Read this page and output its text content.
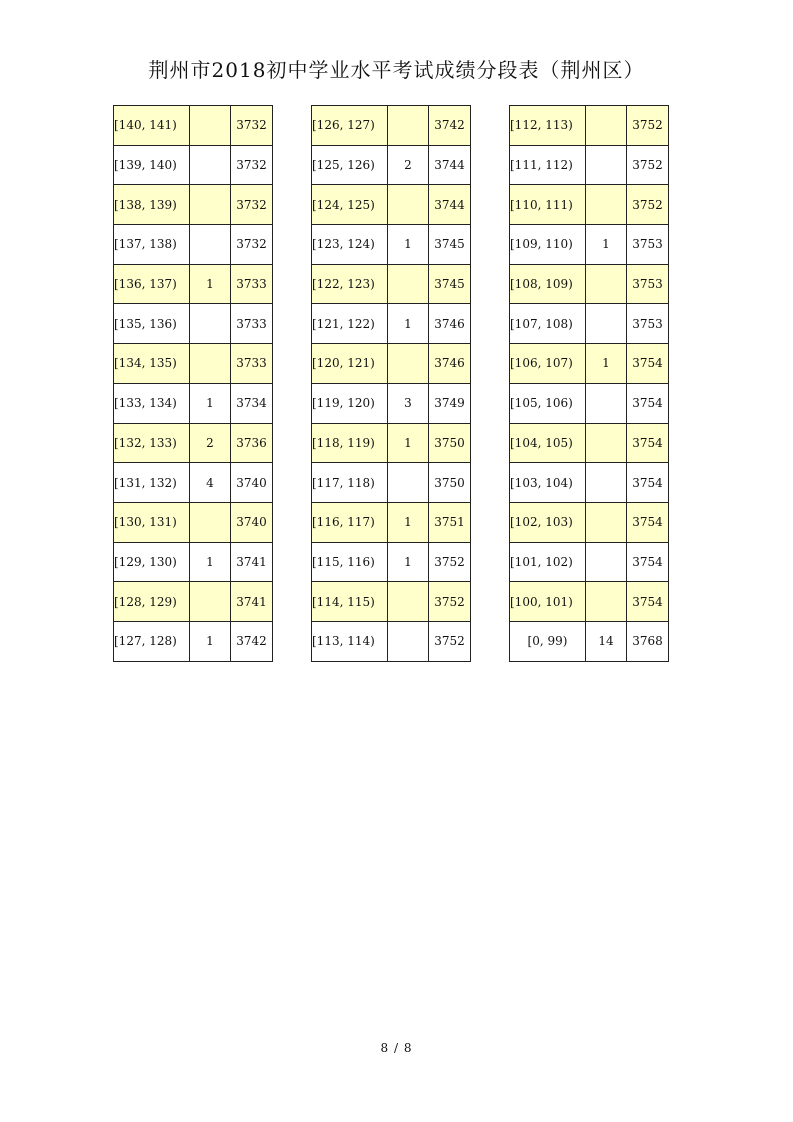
荆州市2018初中学业水平考试成绩分段表（荆州区）
[140, 141)		3732
[139, 140)		3732
[138, 139)		3732
[137, 138)		3732
[136, 137)	1	3733
[135, 136)		3733
[134, 135)		3733
[133, 134)	1	3734
[132, 133)	2	3736
[131, 132)	4	3740
[130, 131)		3740
[129, 130)	1	3741
[128, 129)		3741
[127, 128)	1	3742
[126, 127)		3742
[125, 126)	2	3744
[124, 125)		3744
[123, 124)	1	3745
[122, 123)		3745
[121, 122)	1	3746
[120, 121)		3746
[119, 120)	3	3749
[118, 119)	1	3750
[117, 118)		3750
[116, 117)	1	3751
[115, 116)	1	3752
[114, 115)		3752
[113, 114)		3752
[112, 113)		3752
[111, 112)		3752
[110, 111)		3752
[109, 110)	1	3753
[108, 109)		3753
[107, 108)		3753
[106, 107)	1	3754
[105, 106)		3754
[104, 105)		3754
[103, 104)		3754
[102, 103)		3754
[101, 102)		3754
[100, 101)		3754
[0, 99)	14	3768
8 / 8
